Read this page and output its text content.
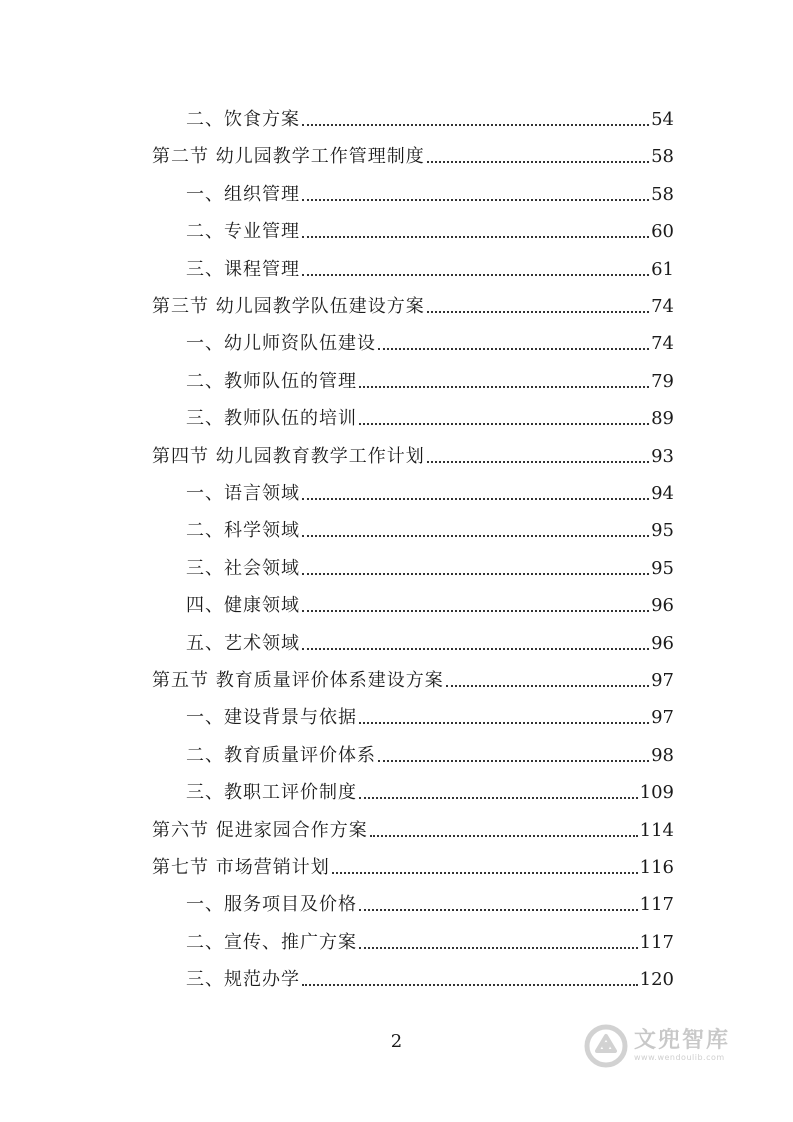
二、饮食方案	54
第二节 幼儿园教学工作管理制度	58
一、组织管理	58
二、专业管理	60
三、课程管理	61
第三节 幼儿园教学队伍建设方案	74
一、幼儿师资队伍建设	74
二、教师队伍的管理	79
三、教师队伍的培训	89
第四节 幼儿园教育教学工作计划	93
一、语言领域	94
二、科学领域	95
三、社会领域	95
四、健康领域	96
五、艺术领域	96
第五节 教育质量评价体系建设方案	97
一、建设背景与依据	97
二、教育质量评价体系	98
三、教职工评价制度	109
第六节 促进家园合作方案	114
第七节 市场营销计划	116
一、服务项目及价格	117
二、宣传、推广方案	117
三、规范办学	120
2	文兜智库
www.wendoulib.com
